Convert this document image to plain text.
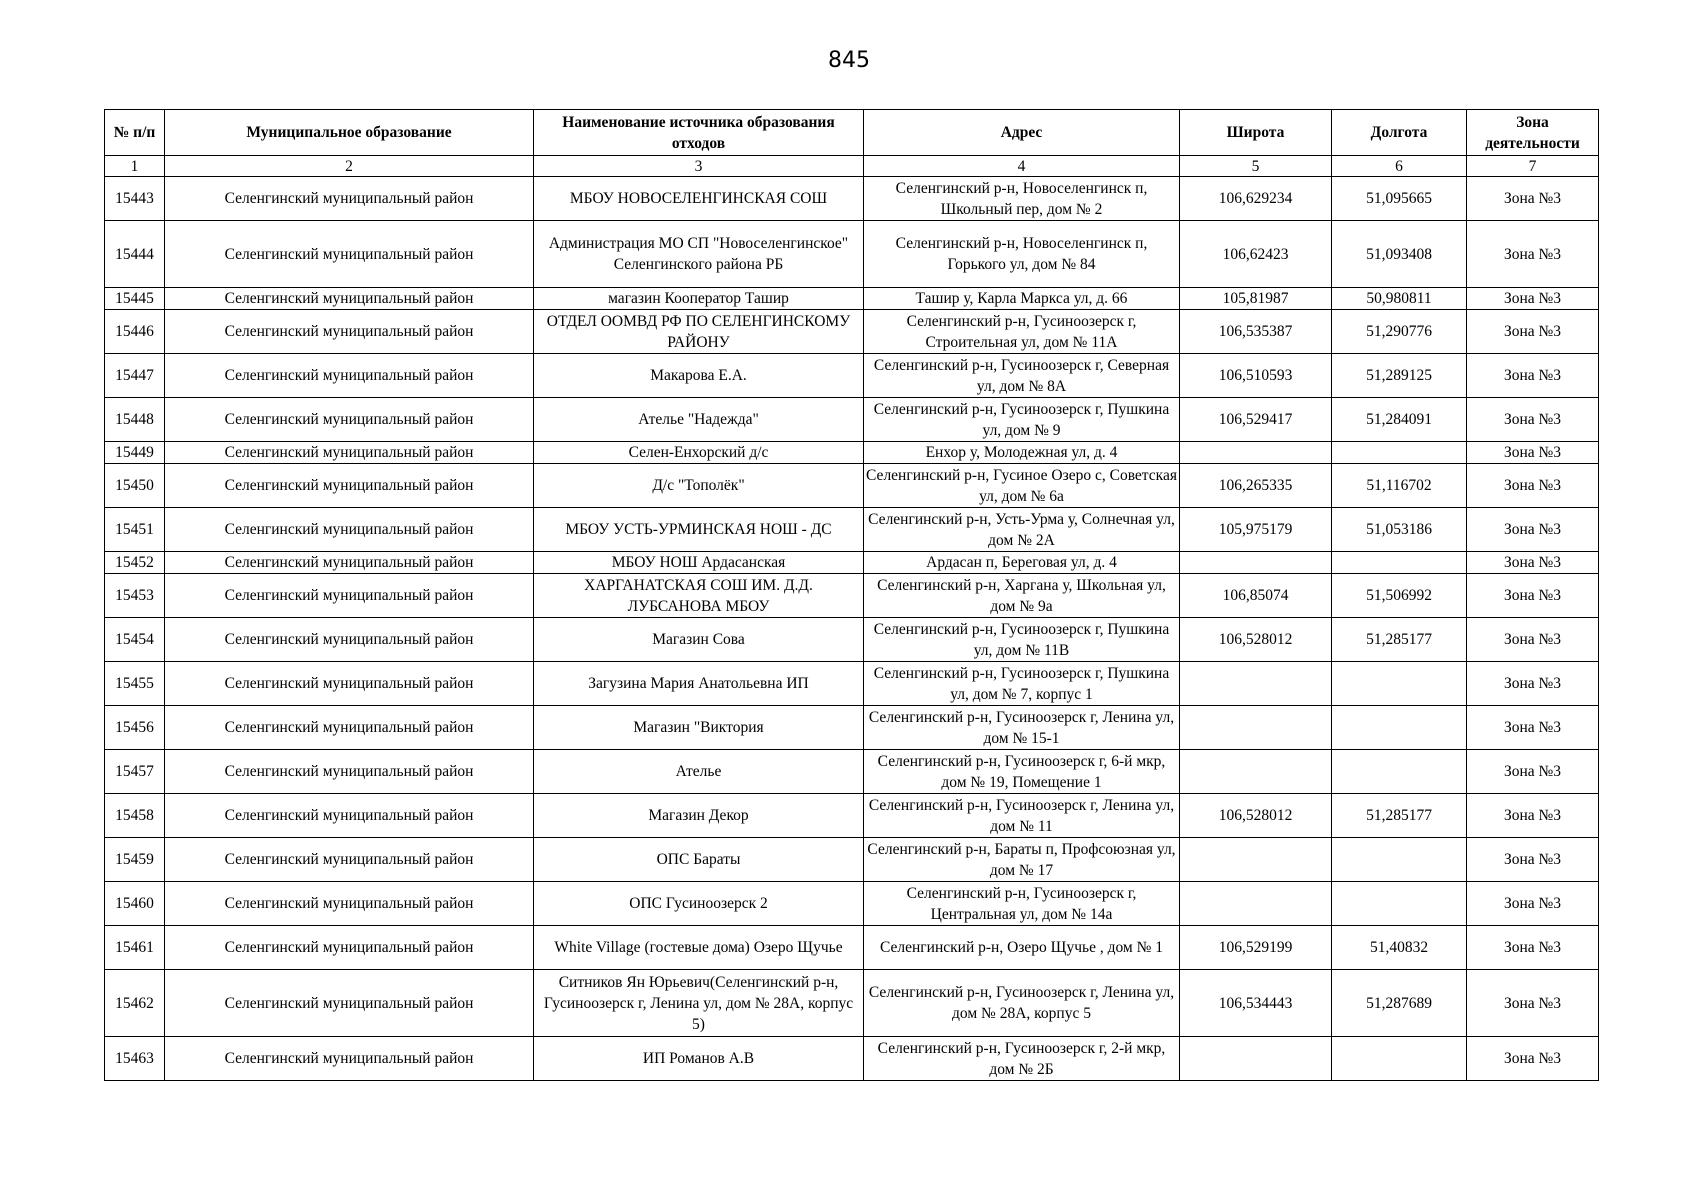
845
№ п/п	Муниципальное образование	Наименование источника образования отходов	Адрес	Широта	Долгота	Зона деятельности
1	2	3	4	5	6	7
15443	Селенгинский муниципальный район	МБОУ НОВОСЕЛЕНГИНСКАЯ СОШ	Селенгинский р-н, Новоселенгинск п, Школьный пер, дом № 2	106,629234	51,095665	Зона №3
15444	Селенгинский муниципальный район	Администрация МО СП "Новоселенгинское" Селенгинского района РБ	Селенгинский р-н, Новоселенгинск п, Горького ул, дом № 84	106,62423	51,093408	Зона №3
15445	Селенгинский муниципальный район	магазин Кооператор Ташир	Ташир у, Карла Маркса ул, д. 66	105,81987	50,980811	Зона №3
15446	Селенгинский муниципальный район	ОТДЕЛ ООМВД РФ ПО СЕЛЕНГИНСКОМУ РАЙОНУ	Селенгинский р-н, Гусиноозерск г, Строительная ул, дом № 11А	106,535387	51,290776	Зона №3
15447	Селенгинский муниципальный район	Макарова Е.А.	Селенгинский р-н, Гусиноозерск г, Северная ул, дом № 8А	106,510593	51,289125	Зона №3
15448	Селенгинский муниципальный район	Ателье "Надежда"	Селенгинский р-н, Гусиноозерск г, Пушкина ул, дом № 9	106,529417	51,284091	Зона №3
15449	Селенгинский муниципальный район	Селен-Енхорский д/с	Енхор у, Молодежная ул, д. 4			Зона №3
15450	Селенгинский муниципальный район	Д/с "Тополёк"	Селенгинский р-н, Гусиное Озеро с, Советская ул, дом № 6а	106,265335	51,116702	Зона №3
15451	Селенгинский муниципальный район	МБОУ УСТЬ-УРМИНСКАЯ НОШ - ДС	Селенгинский р-н, Усть-Урма у, Солнечная ул, дом № 2А	105,975179	51,053186	Зона №3
15452	Селенгинский муниципальный район	МБОУ НОШ Ардасанская	Ардасан п, Береговая ул, д. 4			Зона №3
15453	Селенгинский муниципальный район	ХАРГАНАТСКАЯ СОШ ИМ. Д.Д. ЛУБСАНОВА МБОУ	Селенгинский р-н, Харгана у, Школьная ул, дом № 9а	106,85074	51,506992	Зона №3
15454	Селенгинский муниципальный район	Магазин Сова	Селенгинский р-н, Гусиноозерск г, Пушкина ул, дом № 11В	106,528012	51,285177	Зона №3
15455	Селенгинский муниципальный район	Загузина Мария Анатольевна ИП	Селенгинский р-н, Гусиноозерск г, Пушкина ул, дом № 7, корпус 1			Зона №3
15456	Селенгинский муниципальный район	Магазин "Виктория	Селенгинский р-н, Гусиноозерск г, Ленина ул, дом № 15-1			Зона №3
15457	Селенгинский муниципальный район	Ателье	Селенгинский р-н, Гусиноозерск г, 6-й мкр, дом № 19, Помещение 1			Зона №3
15458	Селенгинский муниципальный район	Магазин Декор	Селенгинский р-н, Гусиноозерск г, Ленина ул, дом № 11	106,528012	51,285177	Зона №3
15459	Селенгинский муниципальный район	ОПС Бараты	Селенгинский р-н, Бараты п, Профсоюзная ул, дом № 17			Зона №3
15460	Селенгинский муниципальный район	ОПС Гусиноозерск 2	Селенгинский р-н, Гусиноозерск г, Центральная ул, дом № 14а			Зона №3
15461	Селенгинский муниципальный район	White Village (гостевые дома) Озеро Щучье	Селенгинский р-н, Озеро Щучье , дом № 1	106,529199	51,40832	Зона №3
15462	Селенгинский муниципальный район	Ситников Ян Юрьевич(Селенгинский р-н, Гусиноозерск г, Ленина ул, дом № 28А, корпус 5)	Селенгинский р-н, Гусиноозерск г, Ленина ул, дом № 28А, корпус 5	106,534443	51,287689	Зона №3
15463	Селенгинский муниципальный район	ИП Романов А.В	Селенгинский р-н, Гусиноозерск г, 2-й мкр, дом № 2Б			Зона №3
